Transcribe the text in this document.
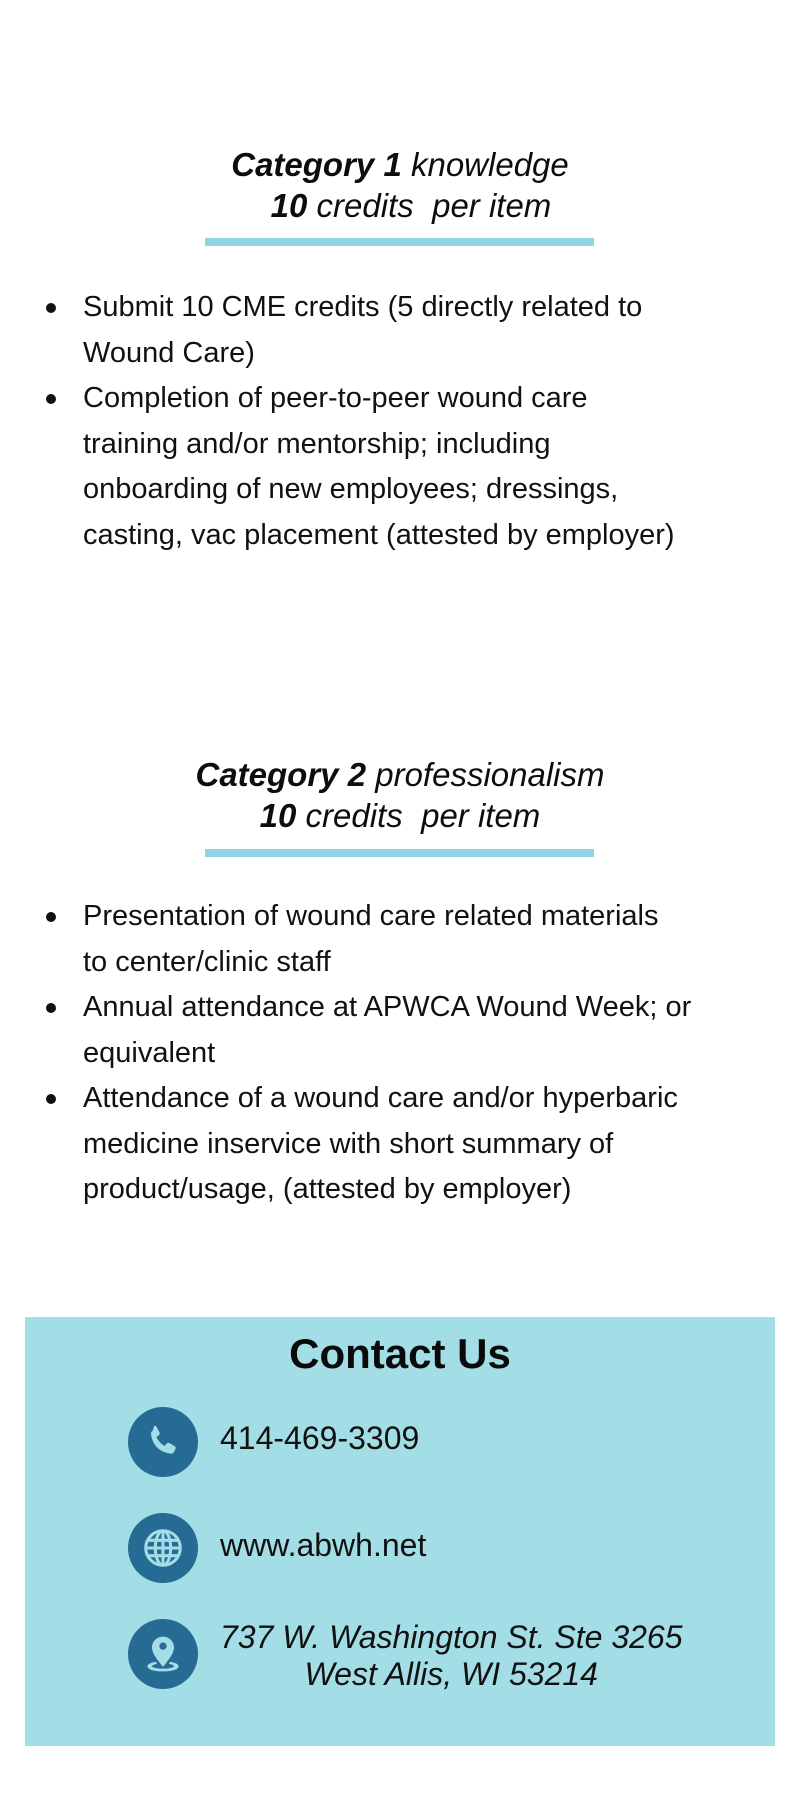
Category 1 knowledge
10 credits  per item
Submit 10 CME credits (5 directly related to
Wound Care)
Completion of peer-to-peer wound care
training and/or mentorship; including
onboarding of new employees; dressings,
casting, vac placement (attested by employer)
Category 2 professionalism
10 credits  per item
Presentation of wound care related materials
to center/clinic staff
Annual attendance at APWCA Wound Week; or
equivalent
Attendance of a wound care and/or hyperbaric
medicine inservice with short summary of
product/usage, (attested by employer)
Contact Us
414-469-3309
www.abwh.net
737 W. Washington St. Ste 3265
West Allis, WI 53214
